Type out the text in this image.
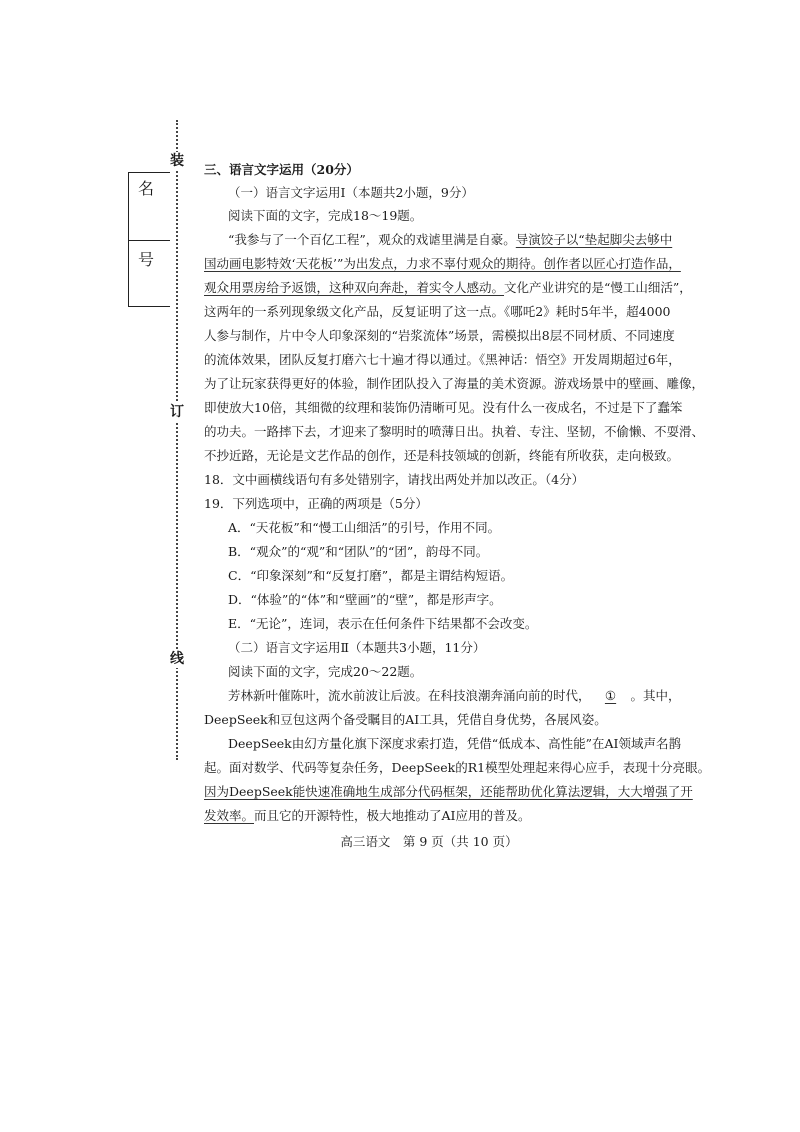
装
订
线
名
号
三、语言文字运用（20分）
（一）语言文字运用Ⅰ（本题共2小题，9分）
阅读下面的文字，完成18～19题。
“我参与了一个百亿工程”，观众的戏谑里满是自豪。导演饺子以“垫起脚尖去够中
国动画电影特效‘天花板’”为出发点，力求不辜付观众的期待。创作者以匠心打造作品，
观众用票房给予返馈，这种双向奔赴，着实令人感动。文化产业讲究的是“慢工山细活”，
这两年的一系列现象级文化产品，反复证明了这一点。《哪吒2》耗时5年半，超4000
人参与制作，片中令人印象深刻的“岩浆流体”场景，需模拟出8层不同材质、不同速度
的流体效果，团队反复打磨六七十遍才得以通过。《黑神话：悟空》开发周期超过6年，
为了让玩家获得更好的体验，制作团队投入了海量的美术资源。游戏场景中的壁画、雕像，
即使放大10倍，其细微的纹理和装饰仍清晰可见。没有什么一夜成名，不过是下了蠢笨
的功夫。一路摔下去，才迎来了黎明时的喷薄日出。执着、专注、坚韧，不偷懒、不耍滑、
不抄近路，无论是文艺作品的创作，还是科技领域的创新，终能有所收获，走向极致。
18．文中画横线语句有多处错别字，请找出两处并加以改正。（4分）
19．下列选项中，正确的两项是（5分）
A．“天花板”和“慢工山细活”的引号，作用不同。
B．“观众”的“观”和“团队”的“团”，韵母不同。
C．“印象深刻”和“反复打磨”，都是主谓结构短语。
D．“体验”的“体”和“壁画”的“壁”，都是形声字。
E．“无论”，连词，表示在任何条件下结果都不会改变。
（二）语言文字运用Ⅱ（本题共3小题，11分）
阅读下面的文字，完成20～22题。
芳林新叶催陈叶，流水前波让后波。在科技浪潮奔涌向前的时代， ① 。其中，
DeepSeek和豆包这两个备受瞩目的AI工具，凭借自身优势，各展风姿。
DeepSeek由幻方量化旗下深度求索打造，凭借“低成本、高性能”在AI领域声名鹊
起。面对数学、代码等复杂任务，DeepSeek的R1模型处理起来得心应手，表现十分亮眼。
因为DeepSeek能快速准确地生成部分代码框架，还能帮助优化算法逻辑，大大增强了开
发效率。而且它的开源特性，极大地推动了AI应用的普及。
高三语文　第 9 页（共 10 页）
